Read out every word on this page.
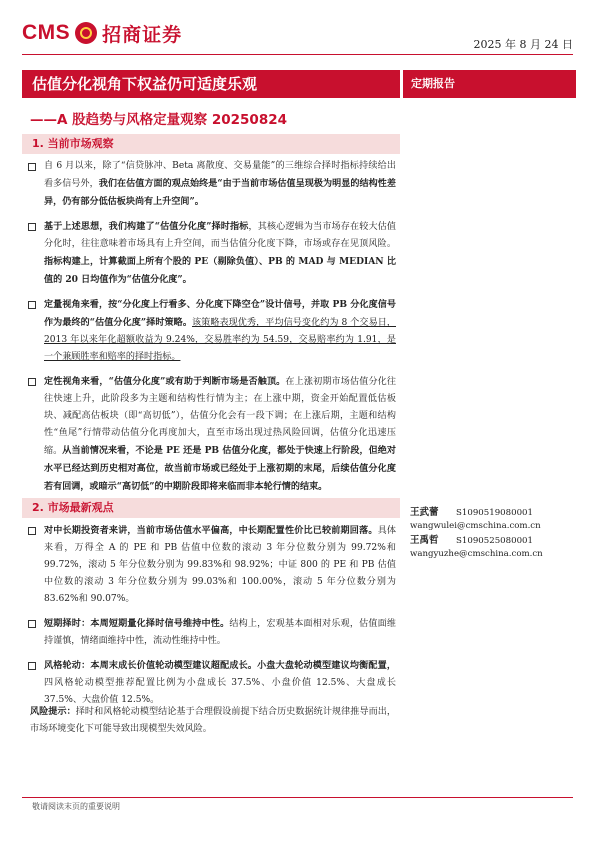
CMS 招商证券	2025 年 8 月 24 日
估值分化视角下权益仍可适度乐观	定期报告
——A 股趋势与风格定量观察 20250824
1. 当前市场观察
自 6 月以来，除了“信贷脉冲、Beta 离散度、交易量能”的三维综合择时指标持续给出看多信号外，我们在估值方面的观点始终是“由于当前市场估值呈现极为明显的结构性差异，仍有部分低估板块尚有上升空间”。
基于上述思想，我们构建了“估值分化度”择时指标，其核心逻辑为当市场存在较大估值分化时，往往意味着市场具有上升空间，而当估值分化度下降，市场或存在见顶风险。指标构建上，计算截面上所有个股的 PE（剔除负值）、PB 的 MAD 与 MEDIAN 比值的 20 日均值作为“估值分化度”。
定量视角来看，按“分化度上行看多、分化度下降空仓”设计信号，并取 PB 分化度信号作为最终的“估值分化度”择时策略。该策略表现优秀，平均信号变化约为 8 个交易日，2013 年以来年化超额收益为 9.24%，交易胜率约为 54.59，交易赔率约为 1.91，是一个兼顾胜率和赔率的择时指标。
定性视角来看，“估值分化度”或有助于判断市场是否触顶。在上涨初期市场估值分化往往快速上升，此阶段多为主题和结构性行情为主；在上涨中期，资金开始配置低估板块、减配高估板块（即“高切低”），估值分化会有一段下调；在上涨后期，主题和结构性“鱼尾”行情带动估值分化再度加大，直至市场出现过热风险回调，估值分化迅速压缩。从当前情况来看，不论是 PE 还是 PB 估值分化度，都处于快速上行阶段，但绝对水平已经达到历史相对高位，故当前市场或已经处于上涨初期的末尾，后续估值分化度若有回调，或暗示“高切低”的中期阶段即将来临而非本轮行情的结束。
2. 市场最新观点
对中长期投资者来讲，当前市场估值水平偏高，中长期配置性价比已较前期回落。具体来看，万得全 A 的 PE 和 PB 估值中位数的滚动 3 年分位数分别为 99.72%和 99.72%，滚动 5 年分位数分别为 99.83%和 98.92%；中证 800 的 PE 和 PB 估值中位数的滚动 3 年分位数分别为 99.03%和 100.00%，滚动 5 年分位数分别为 83.62%和 90.07%。
短期择时：本周短期量化择时信号维持中性。结构上，宏观基本面相对乐观，估值面维持谨慎，情绪面维持中性，流动性维持中性。
风格轮动：本周末成长价值轮动模型建议超配成长。小盘大盘轮动模型建议均衡配置，四风格轮动模型推荐配置比例为小盘成长 37.5%、小盘价值 12.5%、大盘成长 37.5%、大盘价值 12.5%。
王武蕾 S1090519080001
wangwulei@cmschina.com.cn
王禹哲 S1090525080001
wangyuzhe@cmschina.com.cn
风险提示：择时和风格轮动模型结论基于合理假设前提下结合历史数据统计规律推导而出，市场环境变化下可能导致出现模型失效风险。
敬请阅读末页的重要说明
